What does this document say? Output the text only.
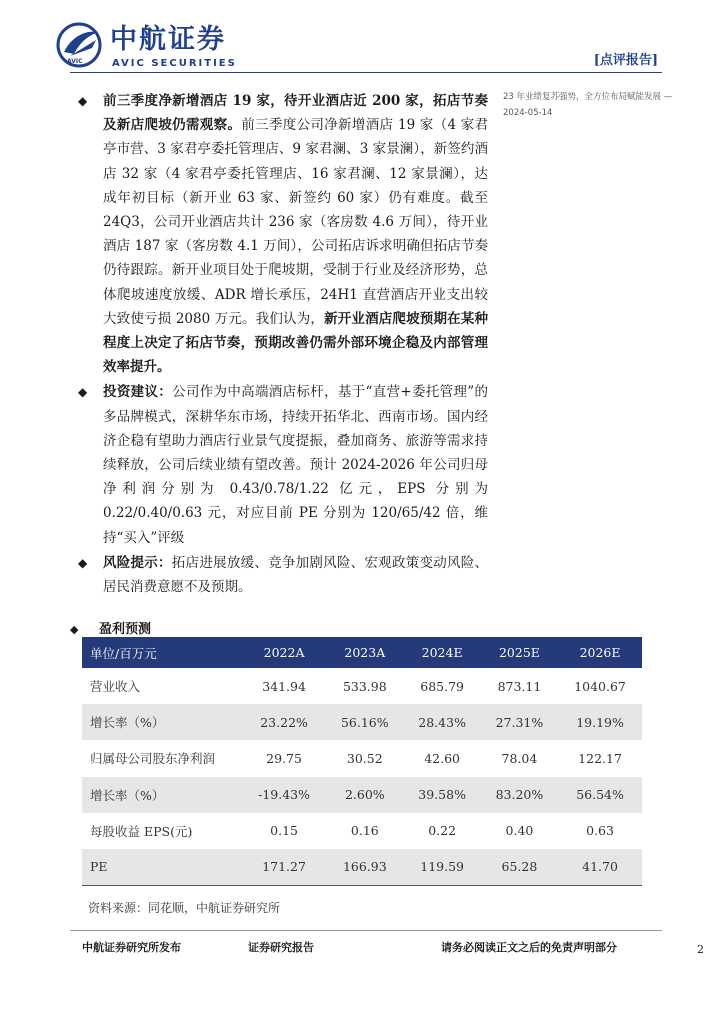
AVIC
中航证券
AVIC SECURITIES	[点评报告]
23 年业绩复苏强势，全方位布局赋能发展 —
2024-05-14
◆ 前三季度净新增酒店 19 家，待开业酒店近 200 家，拓店节奏及新店爬坡仍需观察。前三季度公司净新增酒店 19 家（4 家君亭市营、3 家君亭委托管理店、9 家君澜、3 家景澜），新签约酒店 32 家（4 家君亭委托管理店、16 家君澜、12 家景澜），达成年初目标（新开业 63 家、新签约 60 家）仍有难度。截至 24Q3，公司开业酒店共计 236 家（客房数 4.6 万间），待开业酒店 187 家（客房数 4.1 万间），公司拓店诉求明确但拓店节奏仍待跟踪。新开业项目处于爬坡期，受制于行业及经济形势，总体爬坡速度放缓、ADR 增长承压，24H1 直营酒店开业支出较大致使亏损 2080 万元。我们认为，新开业酒店爬坡预期在某种程度上决定了拓店节奏，预期改善仍需外部环境企稳及内部管理效率提升。
◆ 投资建议：公司作为中高端酒店标杆，基于“直营+委托管理”的多品牌模式，深耕华东市场，持续开拓华北、西南市场。国内经济企稳有望助力酒店行业景气度提振，叠加商务、旅游等需求持续释放，公司后续业绩有望改善。预计 2024-2026 年公司归母净利润分别为 0.43/0.78/1.22 亿元，EPS 分别为 0.22/0.40/0.63 元，对应目前 PE 分别为 120/65/42 倍，维持“买入”评级
◆ 风险提示：拓店进展放缓、竞争加剧风险、宏观政策变动风险、居民消费意愿不及预期。
◆ 盈利预测
单位/百万元	2022A	2023A	2024E	2025E	2026E
营业收入	341.94	533.98	685.79	873.11	1040.67
增长率（%）	23.22%	56.16%	28.43%	27.31%	19.19%
归属母公司股东净利润	29.75	30.52	42.60	78.04	122.17
增长率（%）	-19.43%	2.60%	39.58%	83.20%	56.54%
每股收益 EPS(元)	0.15	0.16	0.22	0.40	0.63
PE	171.27	166.93	119.59	65.28	41.70
资料来源：同花顺，中航证券研究所
中航证券研究所发布	证券研究报告	请务必阅读正文之后的免责声明部分	2
